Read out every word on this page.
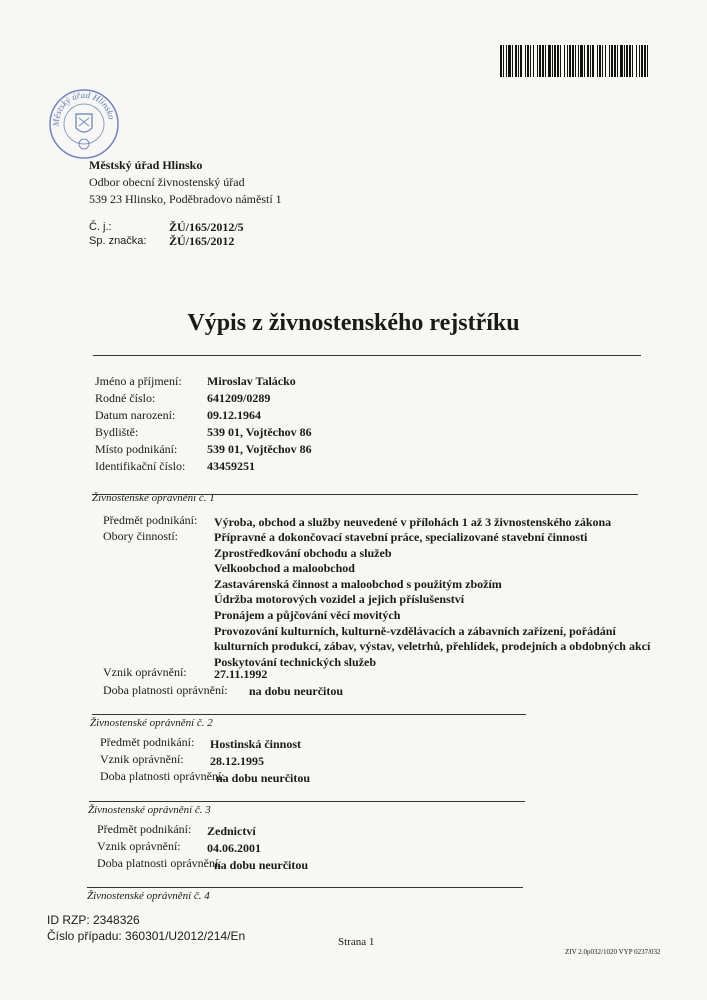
Městský úřad Hlinsko
Městský úřad Hlinsko
Odbor obecní živnostenský úřad
539 23 Hlinsko, Poděbradovo náměstí 1
Č. j.:	ŽÚ/165/2012/5
Sp. značka:	ŽÚ/165/2012
Výpis z živnostenského rejstříku
Jméno a příjmení:	Miroslav Talácko
Rodné číslo:	641209/0289
Datum narození:	09.12.1964
Bydliště:	539 01, Vojtěchov 86
Místo podnikání:	539 01, Vojtěchov 86
Identifikační číslo:	43459251
Živnostenské oprávnění č. 1
Předmět podnikání: Výroba, obchod a služby neuvedené v přílohách 1 až 3 živnostenského zákona
Obory činností:	Přípravné a dokončovací stavební práce, specializované stavební činnosti
Zprostředkování obchodu a služeb
Velkoobchod a maloobchod
Zastavárenská činnost a maloobchod s použitým zbožím
Údržba motorových vozidel a jejich příslušenství
Pronájem a půjčování věcí movitých
Provozování kulturních, kulturně-vzdělávacích a zábavních zařízení, pořádání
kulturních produkcí, zábav, výstav, veletrhů, přehlídek, prodejních a obdobných akcí
Poskytování technických služeb
Vznik oprávnění: 27.11.1992
Doba platnosti oprávnění: na dobu neurčitou
Živnostenské oprávnění č. 2
Předmět podnikání: Hostinská činnost
Vznik oprávnění: 28.12.1995
Doba platnosti oprávnění:
na dobu neurčitou
Živnostenské oprávnění č. 3
Předmět podnikání: Zednictví
Vznik oprávnění: 04.06.2001
Doba platnosti oprávnění:
na dobu neurčitou
Živnostenské oprávnění č. 4
ID RZP: 2348326
Číslo případu: 360301/U2012/214/En	Strana 1
ZIV 2.0p032/1020 VYP 0237/032
